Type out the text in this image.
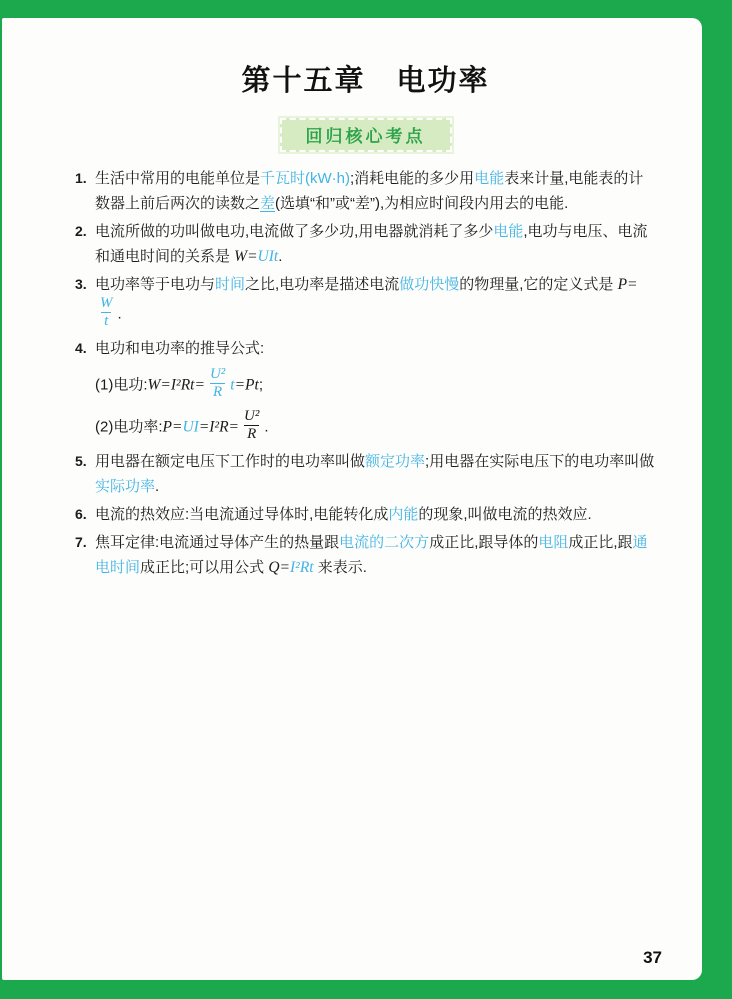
第十五章　电功率
回归核心考点
1. 生活中常用的电能单位是千瓦时(kW·h);消耗电能的多少用电能表来计量,电能表的计数器上前后两次的读数之差(选填“和”或“差”),为相应时间段内用去的电能.
2. 电流所做的功叫做电功,电流做了多少功,用电器就消耗了多少电能,电功与电压、电流和通电时间的关系是 W=UIt.
3. 电功率等于电功与时间之比,电功率是描述电流做功快慢的物理量,它的定义式是 P=
$\frac{W}{t}$ .
4. 电功和电功率的推导公式:
(1)电功:W=I²Rt= $\frac{\text{U²}}{R} t=Pt$;
(2)电功率:P=UI=I²R= $\frac{\text{U²}}{R}$ .
5. 用电器在额定电压下工作时的电功率叫做额定功率;用电器在实际电压下的电功率叫做实际功率.
6. 电流的热效应:当电流通过导体时,电能转化成内能的现象,叫做电流的热效应.
7. 焦耳定律:电流通过导体产生的热量跟电流的二次方成正比,跟导体的电阻成正比,跟通电时间成正比;可以用公式 Q=I²Rt 来表示.
37
